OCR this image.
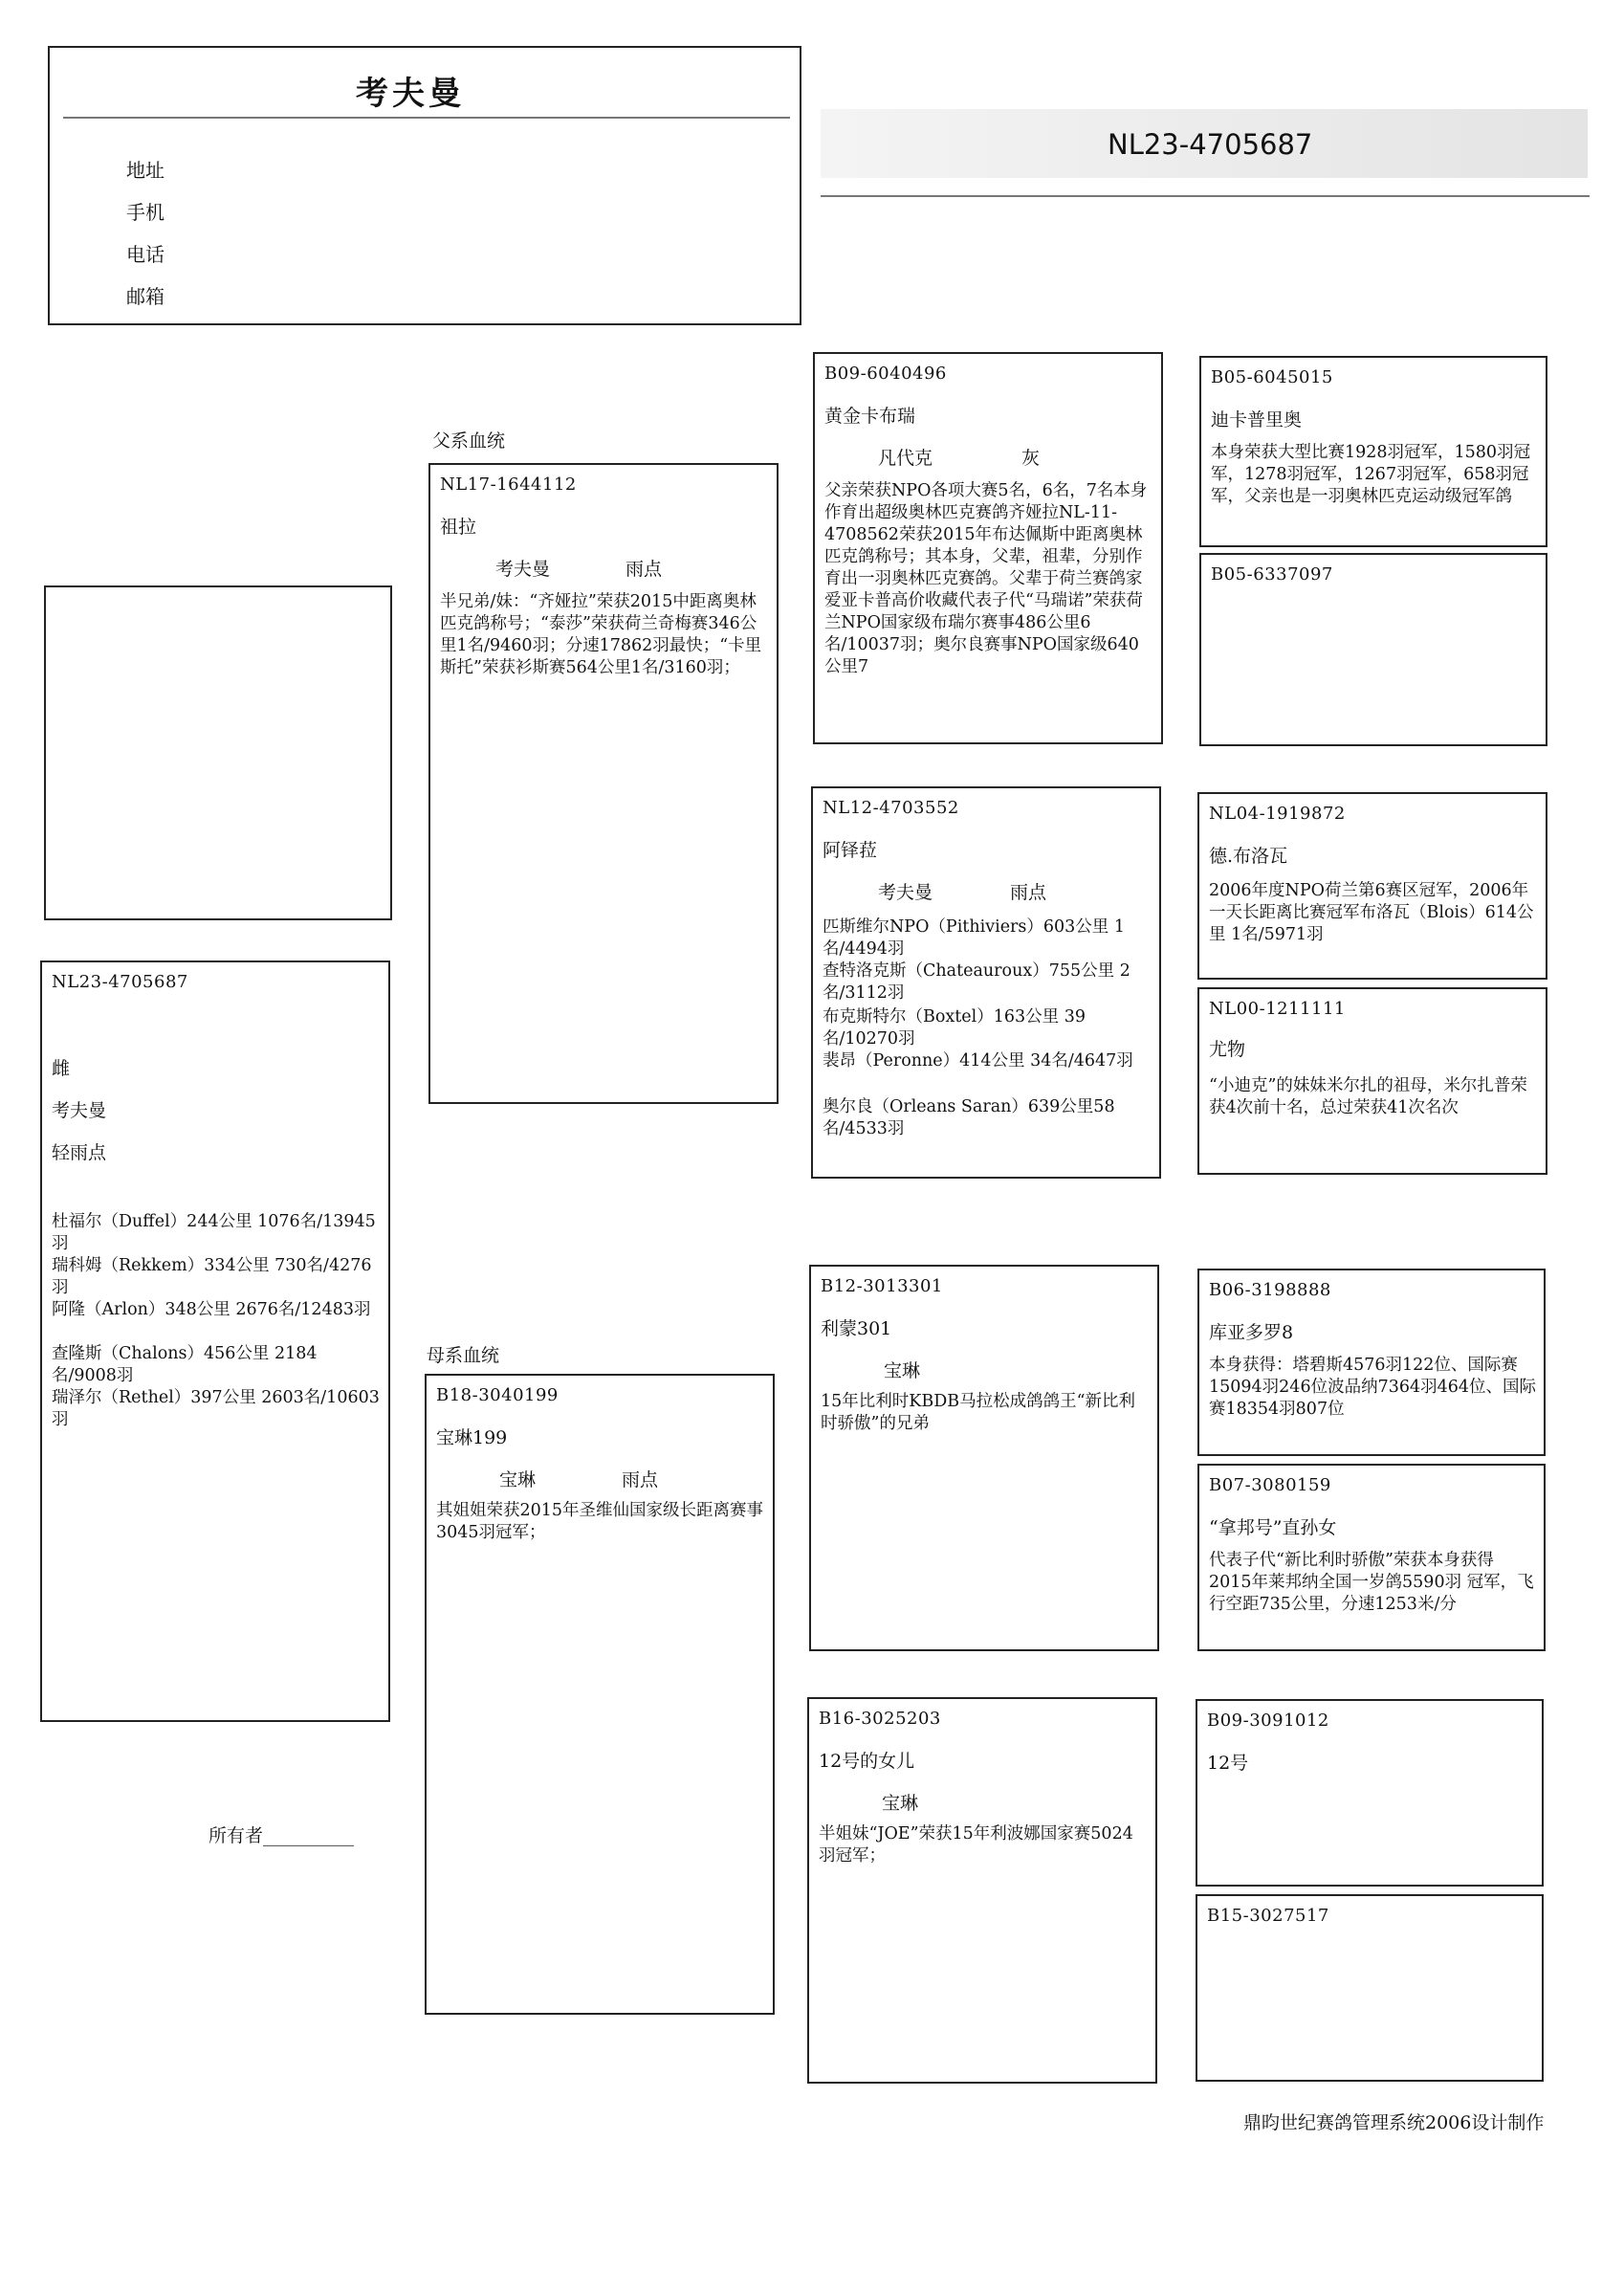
考夫曼
地址
手机
电话
邮箱
NL23-4705687
NL23-4705687
雌
考夫曼
轻雨点
杜福尔（Duffel）244公里 1076名/13945羽
瑞科姆（Rekkem）334公里 730名/4276羽
阿隆（Arlon）348公里 2676名/12483羽
查隆斯（Chalons）456公里 2184名/9008羽
瑞泽尔（Rethel）397公里 2603名/10603羽
所有者__________
父系血统
母系血统
NL17-1644112
祖拉
考夫曼	雨点
半兄弟/妹：“齐娅拉”荣获2015中距离奥林匹克鸽称号；“泰莎”荣获荷兰奇梅赛346公里1名/9460羽；分速17862羽最快；“卡里斯托”荣获衫斯赛564公里1名/3160羽；
B18-3040199
宝琳199
宝琳	雨点
其姐姐荣获2015年圣维仙国家级长距离赛事3045羽冠军；
B09-6040496
黄金卡布瑞
凡代克	灰
父亲荣获NPO各项大赛5名，6名，7名本身作育出超级奥林匹克赛鸽齐娅拉NL-11-4708562荣获2015年布达佩斯中距离奥林匹克鸽称号；其本身，父辈，祖辈，分别作育出一羽奥林匹克赛鸽。父辈于荷兰赛鸽家爱亚卡普高价收藏代表子代“马瑞诺”荣获荷兰NPO国家级布瑞尔赛事486公里6名/10037羽；奥尔良赛事NPO国家级640公里7
NL12-4703552
阿铎菈
考夫曼	雨点
匹斯维尔NPO（Pithiviers）603公里 1名/4494羽
查特洛克斯（Chateauroux）755公里 2名/3112羽
布克斯特尔（Boxtel）163公里 39名/10270羽
裴昂（Peronne）414公里 34名/4647羽
奥尔良（Orleans Saran）639公里58名/4533羽
B12-3013301
利蒙301
宝琳
15年比利时KBDB马拉松成鸽鸽王“新比利时骄傲”的兄弟
B16-3025203
12号的女儿
宝琳
半姐妹“JOE”荣获15年利波娜国家赛5024羽冠军；
B05-6045015
迪卡普里奥
本身荣获大型比赛1928羽冠军，1580羽冠军，1278羽冠军，1267羽冠军，658羽冠军，父亲也是一羽奥林匹克运动级冠军鸽
B05-6337097
NL04-1919872
德.布洛瓦
2006年度NPO荷兰第6赛区冠军，2006年一天长距离比赛冠军布洛瓦（Blois）614公里 1名/5971羽
NL00-1211111
尤物
“小迪克”的妹妹米尔扎的祖母，米尔扎普荣获4次前十名，总过荣获41次名次
B06-3198888
库亚多罗8
本身获得：塔碧斯4576羽122位、国际赛15094羽246位波品纳7364羽464位、国际赛18354羽807位
B07-3080159
“拿邦号”直孙女
代表子代“新比利时骄傲”荣获本身获得2015年莱邦纳全国一岁鸽5590羽 冠军，飞行空距735公里，分速1253米/分
B09-3091012
12号
B15-3027517
鼎昀世纪赛鸽管理系统2006设计制作
